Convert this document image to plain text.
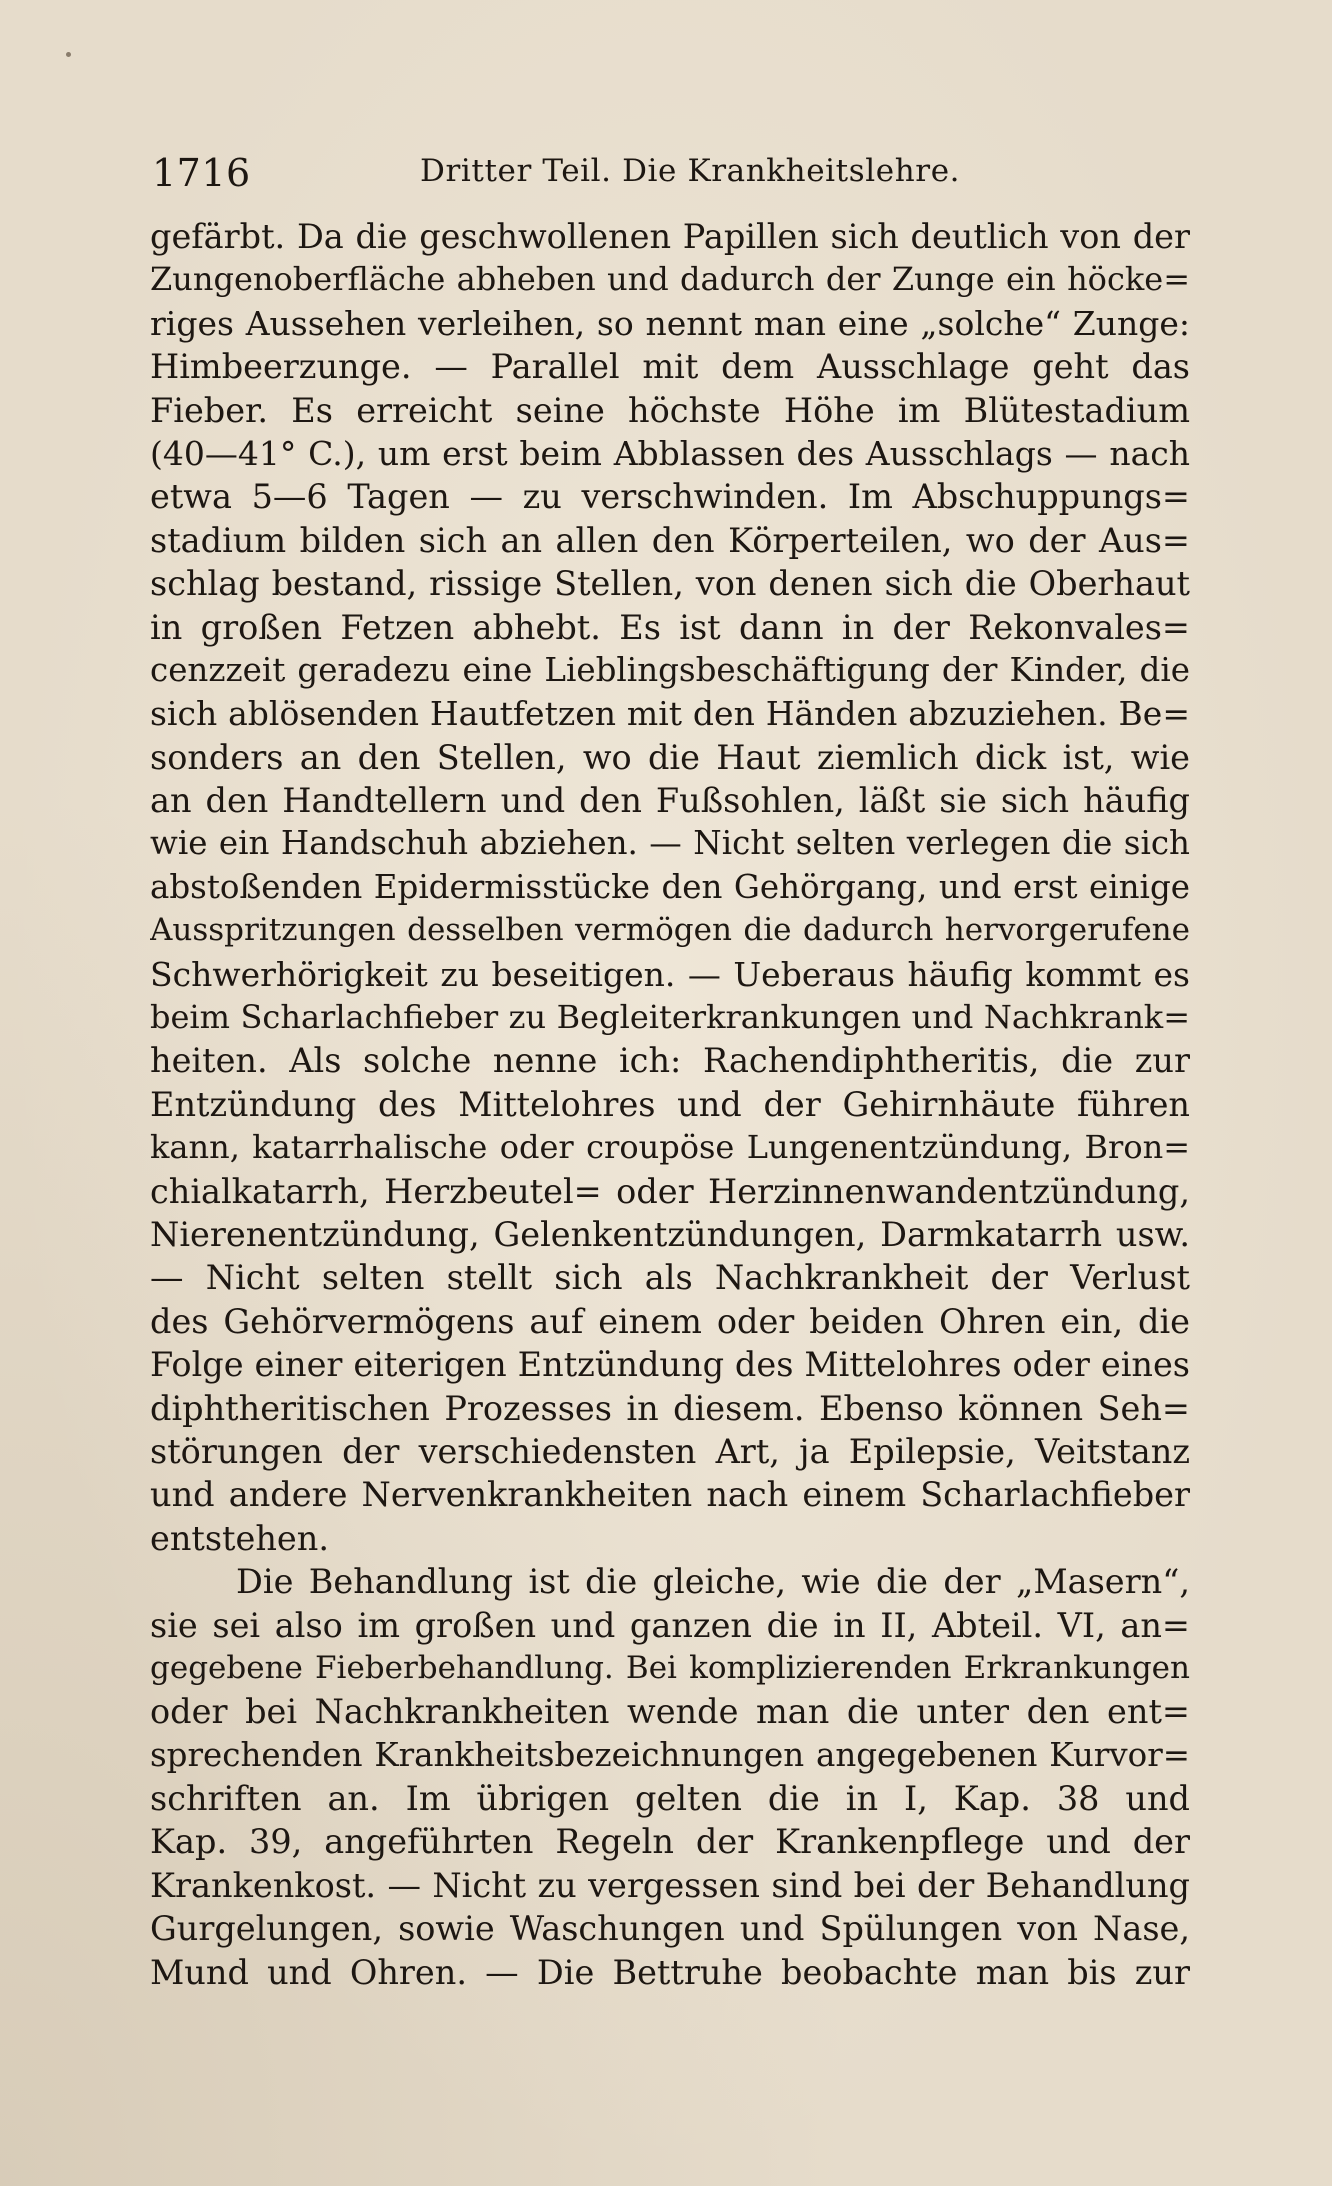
1716	Dritter Teil. Die Krankheitslehre.
gefärbt. Da die geschwollenen Papillen sich deutlich von der
Zungenoberfläche abheben und dadurch der Zunge ein höcke=
riges Aussehen verleihen, so nennt man eine „solche“ Zunge:
Himbeerzunge. — Parallel mit dem Ausschlage geht das
Fieber. Es erreicht seine höchste Höhe im Blütestadium
(40—41° C.), um erst beim Abblassen des Ausschlags — nach
etwa 5—6 Tagen — zu verschwinden. Im Abschuppungs=
stadium bilden sich an allen den Körperteilen, wo der Aus=
schlag bestand, rissige Stellen, von denen sich die Oberhaut
in großen Fetzen abhebt. Es ist dann in der Rekonvales=
cenzzeit geradezu eine Lieblingsbeschäftigung der Kinder, die
sich ablösenden Hautfetzen mit den Händen abzuziehen. Be=
sonders an den Stellen, wo die Haut ziemlich dick ist, wie
an den Handtellern und den Fußsohlen, läßt sie sich häufig
wie ein Handschuh abziehen. — Nicht selten verlegen die sich
abstoßenden Epidermisstücke den Gehörgang, und erst einige
Ausspritzungen desselben vermögen die dadurch hervorgerufene
Schwerhörigkeit zu beseitigen. — Ueberaus häufig kommt es
beim Scharlachfieber zu Begleiterkrankungen und Nachkrank=
heiten. Als solche nenne ich: Rachendiphtheritis, die zur
Entzündung des Mittelohres und der Gehirnhäute führen
kann, katarrhalische oder croupöse Lungenentzündung, Bron=
chialkatarrh, Herzbeutel= oder Herzinnenwandentzündung,
Nierenentzündung, Gelenkentzündungen, Darmkatarrh usw.
— Nicht selten stellt sich als Nachkrankheit der Verlust
des Gehörvermögens auf einem oder beiden Ohren ein, die
Folge einer eiterigen Entzündung des Mittelohres oder eines
diphtheritischen Prozesses in diesem. Ebenso können Seh=
störungen der verschiedensten Art, ja Epilepsie, Veitstanz
und andere Nervenkrankheiten nach einem Scharlachfieber
entstehen.
Die Behandlung ist die gleiche, wie die der „Masern“,
sie sei also im großen und ganzen die in II, Abteil. VI, an=
gegebene Fieberbehandlung. Bei komplizierenden Erkrankungen
oder bei Nachkrankheiten wende man die unter den ent=
sprechenden Krankheitsbezeichnungen angegebenen Kurvor=
schriften an. Im übrigen gelten die in I, Kap. 38 und
Kap. 39, angeführten Regeln der Krankenpflege und der
Krankenkost. — Nicht zu vergessen sind bei der Behandlung
Gurgelungen, sowie Waschungen und Spülungen von Nase,
Mund und Ohren. — Die Bettruhe beobachte man bis zur
